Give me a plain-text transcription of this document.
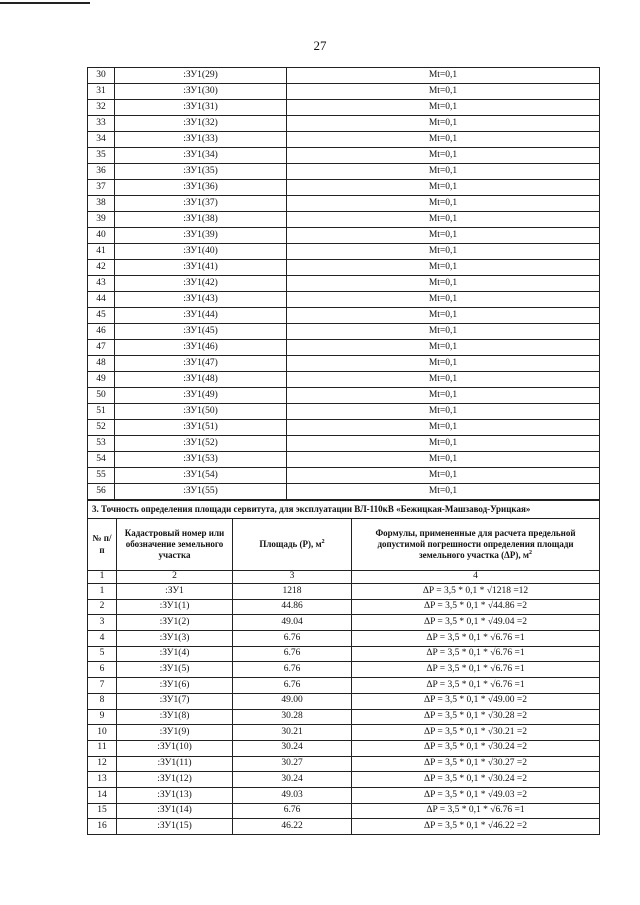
27
30	:ЗУ1(29)	Mt=0,1
31	:ЗУ1(30)	Mt=0,1
32	:ЗУ1(31)	Mt=0,1
33	:ЗУ1(32)	Mt=0,1
34	:ЗУ1(33)	Mt=0,1
35	:ЗУ1(34)	Mt=0,1
36	:ЗУ1(35)	Mt=0,1
37	:ЗУ1(36)	Mt=0,1
38	:ЗУ1(37)	Mt=0,1
39	:ЗУ1(38)	Mt=0,1
40	:ЗУ1(39)	Mt=0,1
41	:ЗУ1(40)	Mt=0,1
42	:ЗУ1(41)	Mt=0,1
43	:ЗУ1(42)	Mt=0,1
44	:ЗУ1(43)	Mt=0,1
45	:ЗУ1(44)	Mt=0,1
46	:ЗУ1(45)	Mt=0,1
47	:ЗУ1(46)	Mt=0,1
48	:ЗУ1(47)	Mt=0,1
49	:ЗУ1(48)	Mt=0,1
50	:ЗУ1(49)	Mt=0,1
51	:ЗУ1(50)	Mt=0,1
52	:ЗУ1(51)	Mt=0,1
53	:ЗУ1(52)	Mt=0,1
54	:ЗУ1(53)	Mt=0,1
55	:ЗУ1(54)	Mt=0,1
56	:ЗУ1(55)	Mt=0,1
3. Точность определения площади сервитута, для эксплуатации ВЛ-110кВ «Бежицкая-Машзавод-Урицкая»			
№ п/п	Кадастровый номер или обозначение земельного участка	Площадь (P), $м^2$	Формулы, примененные для расчета предельной допустимой погрешности определения площади земельного участка (ΔP), $м^2$
1	2	3	4
1	:ЗУ1	1218	ΔP = 3,5 * 0,1 * √1218 =12
2	:ЗУ1(1)	44.86	ΔP = 3,5 * 0,1 * √44.86 =2
3	:ЗУ1(2)	49.04	ΔP = 3,5 * 0,1 * √49.04 =2
4	:ЗУ1(3)	6.76	ΔP = 3,5 * 0,1 * √6.76 =1
5	:ЗУ1(4)	6.76	ΔP = 3,5 * 0,1 * √6.76 =1
6	:ЗУ1(5)	6.76	ΔP = 3,5 * 0,1 * √6.76 =1
7	:ЗУ1(6)	6.76	ΔP = 3,5 * 0,1 * √6.76 =1
8	:ЗУ1(7)	49.00	ΔP = 3,5 * 0,1 * √49.00 =2
9	:ЗУ1(8)	30.28	ΔP = 3,5 * 0,1 * √30.28 =2
10	:ЗУ1(9)	30.21	ΔP = 3,5 * 0,1 * √30.21 =2
11	:ЗУ1(10)	30.24	ΔP = 3,5 * 0,1 * √30.24 =2
12	:ЗУ1(11)	30.27	ΔP = 3,5 * 0,1 * √30.27 =2
13	:ЗУ1(12)	30.24	ΔP = 3,5 * 0,1 * √30.24 =2
14	:ЗУ1(13)	49.03	ΔP = 3,5 * 0,1 * √49.03 =2
15	:ЗУ1(14)	6.76	ΔP = 3,5 * 0,1 * √6.76 =1
16	:ЗУ1(15)	46.22	ΔP = 3,5 * 0,1 * √46.22 =2
